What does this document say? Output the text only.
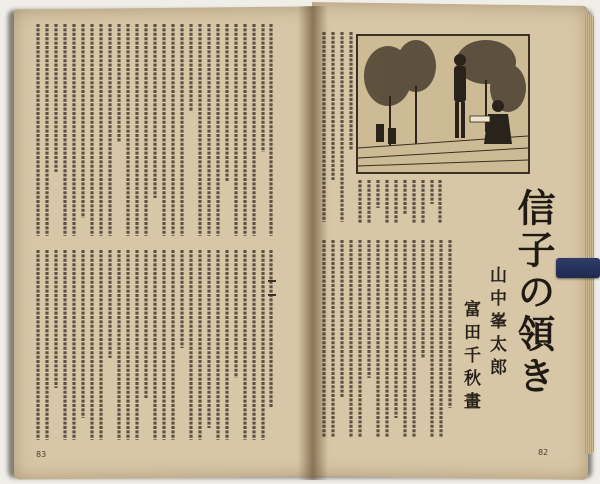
信子の領き
山中峯太郎
富田千秋畫
83	82
